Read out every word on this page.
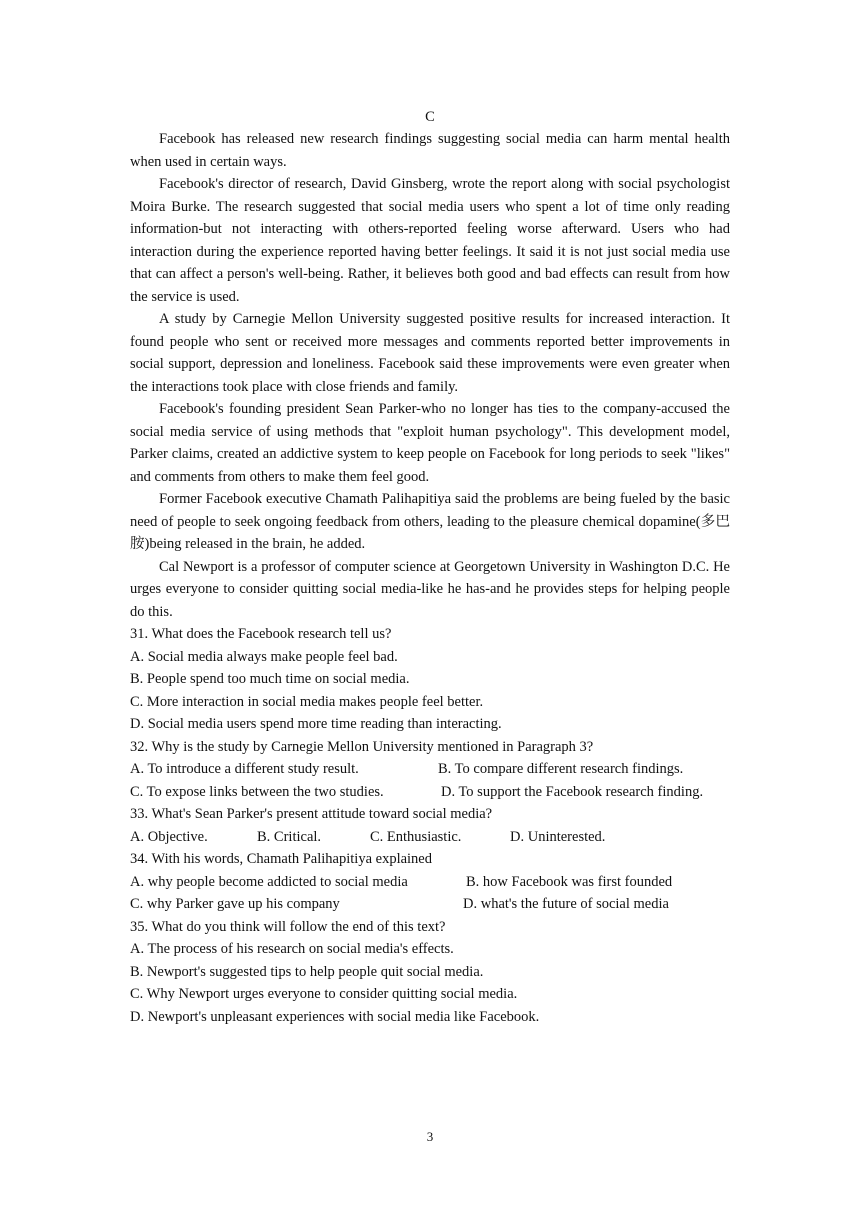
C

Facebook has released new research findings suggesting social media can harm mental health when used in certain ways.

Facebook's director of research, David Ginsberg, wrote the report along with social psychologist Moira Burke. The research suggested that social media users who spent a lot of time only reading information-but not interacting with others-reported feeling worse afterward. Users who had interaction during the experience reported having better feelings. It said it is not just social media use that can affect a person's well-being. Rather, it believes both good and bad effects can result from how the service is used.

A study by Carnegie Mellon University suggested positive results for increased interaction. It found people who sent or received more messages and comments reported better improvements in social support, depression and loneliness. Facebook said these improvements were even greater when the interactions took place with close friends and family.

Facebook's founding president Sean Parker-who no longer has ties to the company-accused the social media service of using methods that "exploit human psychology". This development model, Parker claims, created an addictive system to keep people on Facebook for long periods to seek "likes" and comments from others to make them feel good.

Former Facebook executive Chamath Palihapitiya said the problems are being fueled by the basic need of people to seek ongoing feedback from others, leading to the pleasure chemical dopamine(多巴胺)being released in the brain, he added.

Cal Newport is a professor of computer science at Georgetown University in Washington D.C. He urges everyone to consider quitting social media-like he has-and he provides steps for helping people do this.

31. What does the Facebook research tell us?
A. Social media always make people feel bad.
B. People spend too much time on social media.
C. More interaction in social media makes people feel better.
D. Social media users spend more time reading than interacting.
32. Why is the study by Carnegie Mellon University mentioned in Paragraph 3?
A. To introduce a different study result.	B. To compare different research findings.
C. To expose links between the two studies.	D. To support the Facebook research finding.
33. What's Sean Parker's present attitude toward social media?
A. Objective.	B. Critical.	C. Enthusiastic.	D. Uninterested.
34. With his words, Chamath Palihapitiya explained
A. why people become addicted to social media	B. how Facebook was first founded
C. why Parker gave up his company	D. what's the future of social media
35. What do you think will follow the end of this text?
A. The process of his research on social media's effects.
B. Newport's suggested tips to help people quit social media.
C. Why Newport urges everyone to consider quitting social media.
D. Newport's unpleasant experiences with social media like Facebook.
3
